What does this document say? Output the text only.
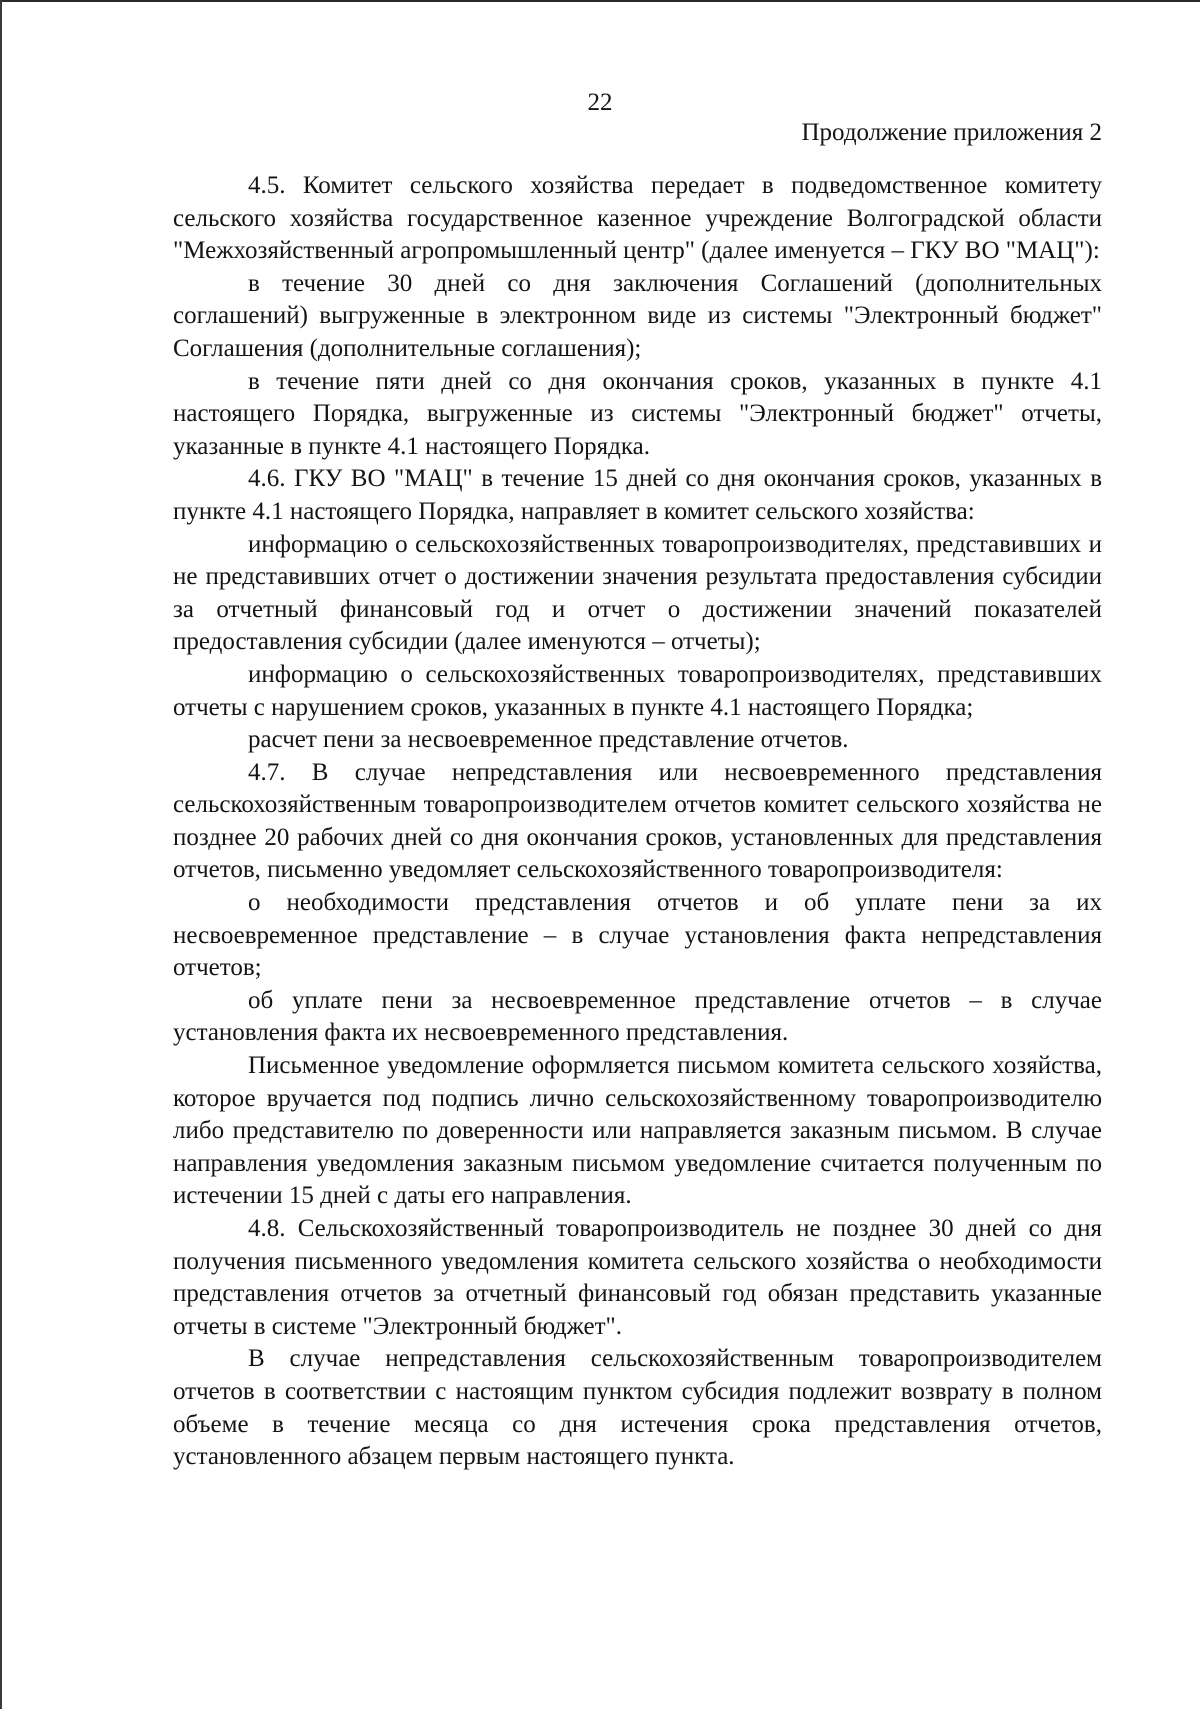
22
Продолжение приложения 2

4.5. Комитет сельского хозяйства передает в подведомственное комитету сельского хозяйства государственное казенное учреждение Волгоградской области "Межхозяйственный агропромышленный центр" (далее именуется – ГКУ ВО "МАЦ"):

в течение 30 дней со дня заключения Соглашений (дополнительных соглашений) выгруженные в электронном виде из системы "Электронный бюджет" Соглашения (дополнительные соглашения);

в течение пяти дней со дня окончания сроков, указанных в пункте 4.1 настоящего Порядка, выгруженные из системы "Электронный бюджет" отчеты, указанные в пункте 4.1 настоящего Порядка.

4.6. ГКУ ВО "МАЦ" в течение 15 дней со дня окончания сроков, указанных в пункте 4.1 настоящего Порядка, направляет в комитет сельского хозяйства:

информацию о сельскохозяйственных товаропроизводителях, представивших и не представивших отчет о достижении значения результата предоставления субсидии за отчетный финансовый год и отчет о достижении значений показателей предоставления субсидии (далее именуются – отчеты);

информацию о сельскохозяйственных товаропроизводителях, представивших отчеты с нарушением сроков, указанных в пункте 4.1 настоящего Порядка;

расчет пени за несвоевременное представление отчетов.

4.7. В случае непредставления или несвоевременного представления сельскохозяйственным товаропроизводителем отчетов комитет сельского хозяйства не позднее 20 рабочих дней со дня окончания сроков, установленных для представления отчетов, письменно уведомляет сельскохозяйственного товаропроизводителя:

о необходимости представления отчетов и об уплате пени за их несвоевременное представление – в случае установления факта непредставления отчетов;

об уплате пени за несвоевременное представление отчетов – в случае установления факта их несвоевременного представления.

Письменное уведомление оформляется письмом комитета сельского хозяйства, которое вручается под подпись лично сельскохозяйственному товаропроизводителю либо представителю по доверенности или направляется заказным письмом. В случае направления уведомления заказным письмом уведомление считается полученным по истечении 15 дней с даты его направления.

4.8. Сельскохозяйственный товаропроизводитель не позднее 30 дней со дня получения письменного уведомления комитета сельского хозяйства о необходимости представления отчетов за отчетный финансовый год обязан представить указанные отчеты в системе "Электронный бюджет".

В случае непредставления сельскохозяйственным товаропроизводителем отчетов в соответствии с настоящим пунктом субсидия подлежит возврату в полном объеме в течение месяца со дня истечения срока представления отчетов, установленного абзацем первым настоящего пункта.
